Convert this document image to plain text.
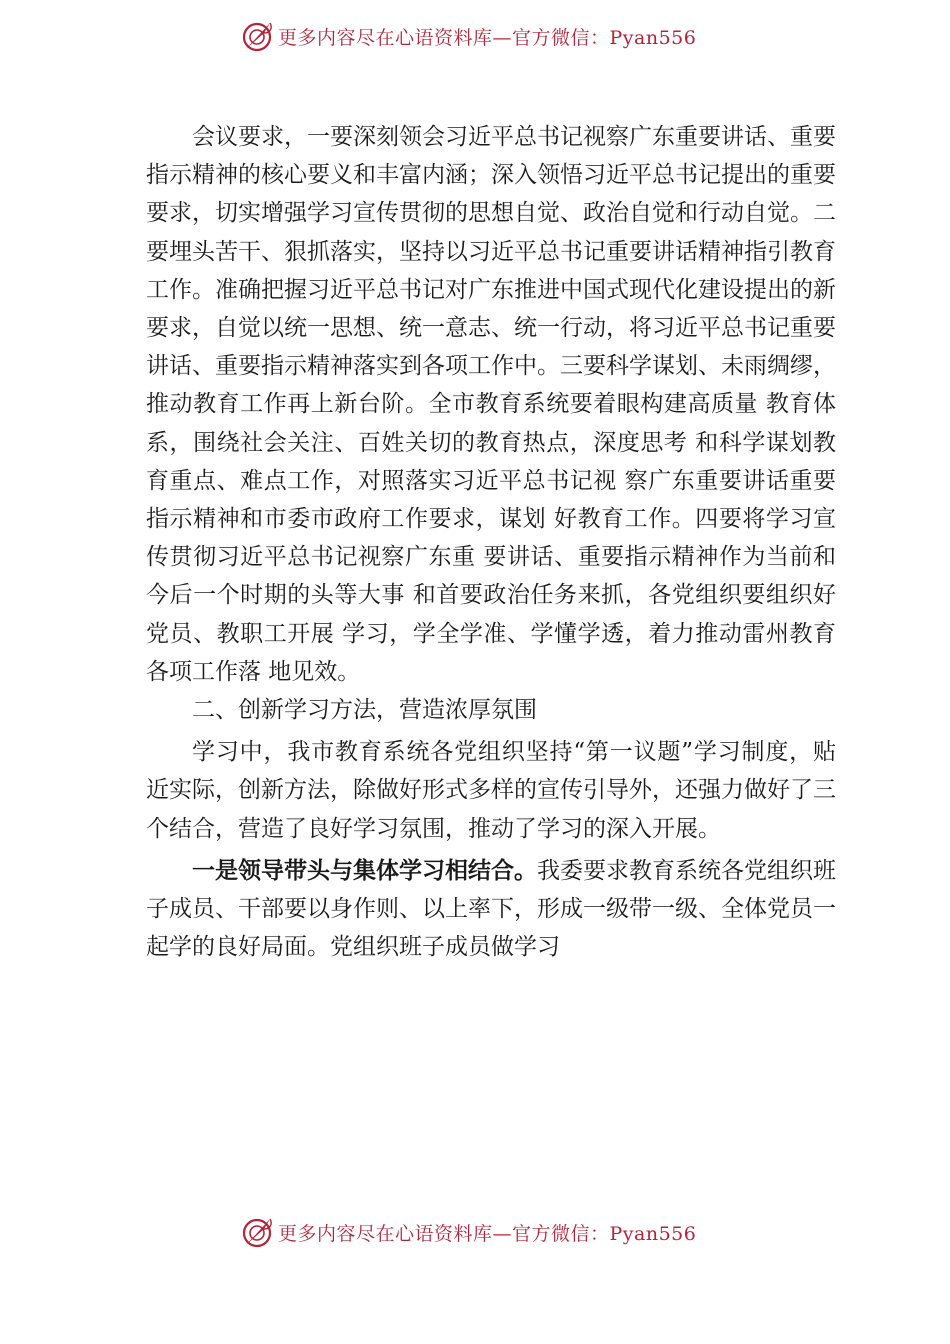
更多内容尽在心语资料库—官方微信：Pyan556

会议要求，一要深刻领会习近平总书记视察广东重要讲话、重要指示精神的核心要义和丰富内涵；深入领悟习近平总书记提出的重要要求，切实增强学习宣传贯彻的思想自觉、政治自觉和行动自觉。二要埋头苦干、狠抓落实，坚持以习近平总书记重要讲话精神指引教育工作。准确把握习近平总书记对广东推进中国式现代化建设提出的新要求，自觉以统一思想、统一意志、统一行动，将习近平总书记重要讲话、重要指示精神落实到各项工作中。三要科学谋划、未雨绸缪， 推动教育工作再上新台阶。全市教育系统要着眼构建高质量 教育体系，围绕社会关注、百姓关切的教育热点，深度思考 和科学谋划教育重点、难点工作，对照落实习近平总书记视 察广东重要讲话重要指示精神和市委市政府工作要求，谋划 好教育工作。四要将学习宣传贯彻习近平总书记视察广东重 要讲话、重要指示精神作为当前和今后一个时期的头等大事 和首要政治任务来抓，各党组织要组织好党员、教职工开展 学习，学全学准、学懂学透，着力推动雷州教育各项工作落 地见效。

二、创新学习方法，营造浓厚氛围

学习中，我市教育系统各党组织坚持“第一议题”学习制度，贴近实际，创新方法，除做好形式多样的宣传引导外，还强力做好了三个结合，营造了良好学习氛围，推动了学习的深入开展。

一是领导带头与集体学习相结合。我委要求教育系统各党组织班子成员、干部要以身作则、以上率下，形成一级带一级、全体党员一起学的良好局面。党组织班子成员做学习

更多内容尽在心语资料库—官方微信：Pyan556
